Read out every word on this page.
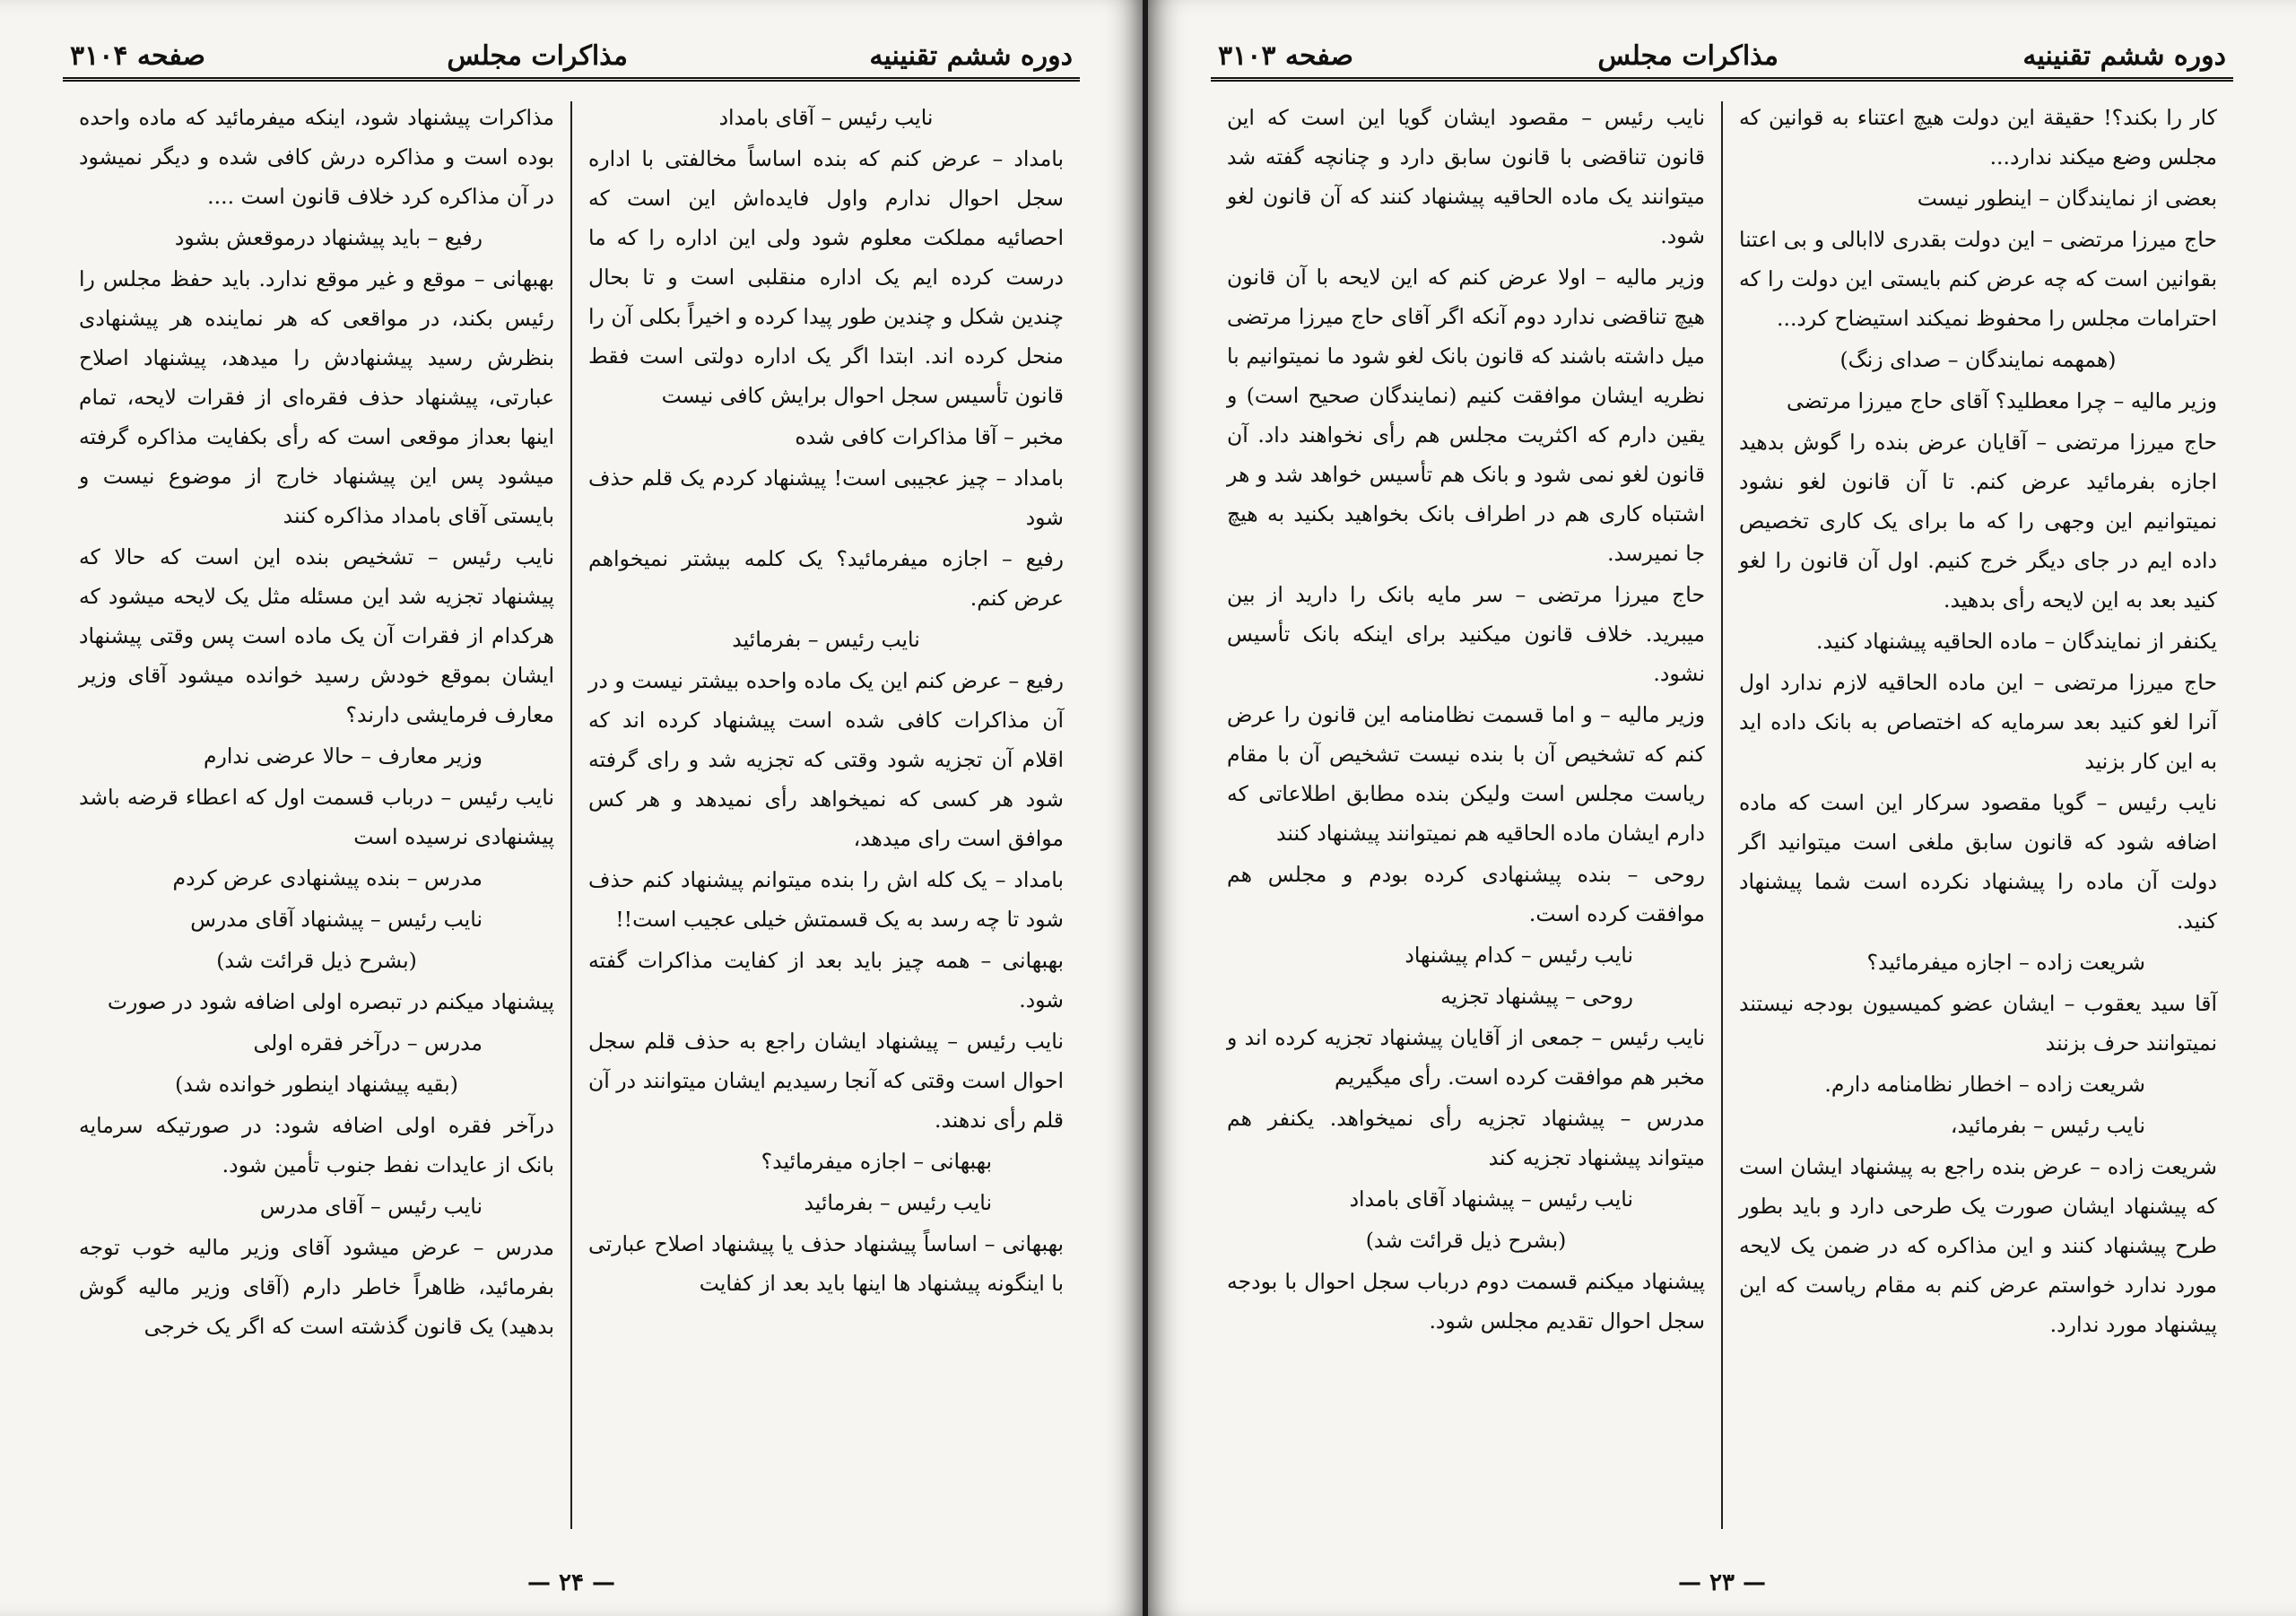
دوره ششم تقنینیه
مذاکرات مجلس
صفحه ۳۱۰۴

نایب رئیس – آقای بامداد

بامداد – عرض کنم که بنده اساساً مخالفتی با اداره سجل احوال ندارم واول فایده‌اش این است که احصائیه مملکت معلوم شود ولی این اداره را که ما درست کرده ایم یک اداره منقلبی است و تا بحال چندین شکل و چندین طور پیدا کرده و اخیراً بکلی آن را منحل کرده اند. ابتدا اگر یک اداره دولتی است فقط قانون تأسیس سجل احوال برایش کافی نیست

مخبر – آقا مذاکرات کافی شده

بامداد – چیز عجیبی است! پیشنهاد کردم یک قلم حذف شود

رفیع – اجازه میفرمائید؟ یک کلمه بیشتر نمیخواهم عرض کنم.

نایب رئیس – بفرمائید

رفیع – عرض کنم این یک ماده واحده بیشتر نیست و در آن مذاکرات کافی شده است پیشنهاد کرده اند که اقلام آن تجزیه شود وقتی که تجزیه شد و رای گرفته شود هر کسی که نمیخواهد رأی نمیدهد و هر کس موافق است رای میدهد،

بامداد – یک کله اش را بنده میتوانم پیشنهاد کنم حذف شود تا چه رسد به یک قسمتش خیلی عجیب است!!

بهبهانی – همه چیز باید بعد از کفایت مذاکرات گفته شود.

نایب رئیس – پیشنهاد ایشان راجع به حذف قلم سجل احوال است وقتی که آنجا رسیدیم ایشان میتوانند در آن قلم رأی ندهند.

بهبهانی – اجازه میفرمائید؟

نایب رئیس – بفرمائید

بهبهانی – اساساً پیشنهاد حذف یا پیشنهاد اصلاح عبارتی با اینگونه پیشنهاد ها اینها باید بعد از کفایت

مذاکرات پیشنهاد شود، اینکه میفرمائید که ماده واحده بوده است و مذاکره درش کافی شده و دیگر نمیشود در آن مذاکره کرد خلاف قانون است ....

رفیع – باید پیشنهاد درموقعش بشود

بهبهانی – موقع و غیر موقع ندارد. باید حفظ مجلس را رئیس بکند، در مواقعی که هر نماینده هر پیشنهادی بنظرش رسید پیشنهادش را میدهد، پیشنهاد اصلاح عبارتی، پیشنهاد حذف فقره‌ای از فقرات لایحه، تمام اینها بعداز موقعی است که رأی بکفایت مذاکره گرفته میشود پس این پیشنهاد خارج از موضوع نیست و بایستی آقای بامداد مذاکره کنند

نایب رئیس – تشخیص بنده این است که حالا که پیشنهاد تجزیه شد این مسئله مثل یک لایحه میشود که هرکدام از فقرات آن یک ماده است پس وقتی پیشنهاد ایشان بموقع خودش رسید خوانده میشود آقای وزیر معارف فرمایشی دارند؟

وزیر معارف – حالا عرضی ندارم

نایب رئیس – درباب قسمت اول که اعطاء قرضه باشد پیشنهادی نرسیده است

مدرس – بنده پیشنهادی عرض کردم

نایب رئیس – پیشنهاد آقای مدرس

(بشرح ذیل قرائت شد)

پیشنهاد میکنم در تبصره اولی اضافه شود در صورت

مدرس – درآخر فقره اولی

(بقیه پیشنهاد اینطور خوانده شد)

درآخر فقره اولی اضافه شود: در صورتیکه سرمایه بانک از عایدات نفط جنوب تأمین شود.

نایب رئیس – آقای مدرس

مدرس – عرض میشود آقای وزیر مالیه خوب توجه بفرمائید، ظاهراً خاطر دارم (آقای وزیر مالیه گوش بدهید) یک قانون گذشته است که اگر یک خرجی

— ۲۴ —
دوره ششم تقنینیه
مذاکرات مجلس
صفحه ۳۱۰۳

کار را بکند؟! حقیقة این دولت هیچ اعتناء به قوانین که مجلس وضع میکند ندارد...

بعضی از نمایندگان – اینطور نیست

حاج میرزا مرتضی – این دولت بقدری لاابالی و بی اعتنا بقوانین است که چه عرض کنم بایستی این دولت را که احترامات مجلس را محفوظ نمیکند استیضاح کرد...

(همهمه نمایندگان – صدای زنگ)

وزیر مالیه – چرا معطلید؟ آقای حاج میرزا مرتضی

حاج میرزا مرتضی – آقایان عرض بنده را گوش بدهید اجازه بفرمائید عرض کنم. تا آن قانون لغو نشود نمیتوانیم این وجهی را که ما برای یک کاری تخصیص داده ایم در جای دیگر خرج کنیم. اول آن قانون را لغو کنید بعد به این لایحه رأی بدهید.

یکنفر از نمایندگان – ماده الحاقیه پیشنهاد کنید.

حاج میرزا مرتضی – این ماده الحاقیه لازم ندارد اول آنرا لغو کنید بعد سرمایه که اختصاص به بانک داده اید به این کار بزنید

نایب رئیس – گویا مقصود سرکار این است که ماده اضافه شود که قانون سابق ملغی است میتوانید اگر دولت آن ماده را پیشنهاد نکرده است شما پیشنهاد کنید.

شریعت زاده – اجازه میفرمائید؟

آقا سید یعقوب – ایشان عضو کمیسیون بودجه نیستند نمیتوانند حرف بزنند

شریعت زاده – اخطار نظامنامه دارم.

نایب رئیس – بفرمائید،

شریعت زاده – عرض بنده راجع به پیشنهاد ایشان است که پیشنهاد ایشان صورت یک طرحی دارد و باید بطور طرح پیشنهاد کنند و این مذاکره که در ضمن یک لایحه مورد ندارد خواستم عرض کنم به مقام ریاست که این پیشنهاد مورد ندارد.

نایب رئیس – مقصود ایشان گویا این است که این قانون تناقضی با قانون سابق دارد و چنانچه گفته شد میتوانند یک ماده الحاقیه پیشنهاد کنند که آن قانون لغو شود.

وزیر مالیه – اولا عرض کنم که این لایحه با آن قانون هیچ تناقضی ندارد دوم آنکه اگر آقای حاج میرزا مرتضی میل داشته باشند که قانون بانک لغو شود ما نمیتوانیم با نظریه ایشان موافقت کنیم (نمایندگان صحیح است) و یقین دارم که اکثریت مجلس هم رأی نخواهند داد. آن قانون لغو نمی شود و بانک هم تأسیس خواهد شد و هر اشتباه کاری هم در اطراف بانک بخواهید بکنید به هیچ جا نمیرسد.

حاج میرزا مرتضی – سر مایه بانک را دارید از بین میبرید. خلاف قانون میکنید برای اینکه بانک تأسیس نشود.

وزیر مالیه – و اما قسمت نظامنامه این قانون را عرض کنم که تشخیص آن با بنده نیست تشخیص آن با مقام ریاست مجلس است ولیکن بنده مطابق اطلاعاتی که دارم ایشان ماده الحاقیه هم نمیتوانند پیشنهاد کنند

روحی – بنده پیشنهادی کرده بودم و مجلس هم موافقت کرده است.

نایب رئیس – کدام پیشنهاد

روحی – پیشنهاد تجزیه

نایب رئیس – جمعی از آقایان پیشنهاد تجزیه کرده اند و مخبر هم موافقت کرده است. رأی میگیریم

مدرس – پیشنهاد تجزیه رأی نمیخواهد. یکنفر هم میتواند پیشنهاد تجزیه کند

نایب رئیس – پیشنهاد آقای بامداد

(بشرح ذیل قرائت شد)

پیشنهاد میکنم قسمت دوم درباب سجل احوال با بودجه سجل احوال تقدیم مجلس شود.

— ۲۳ —
